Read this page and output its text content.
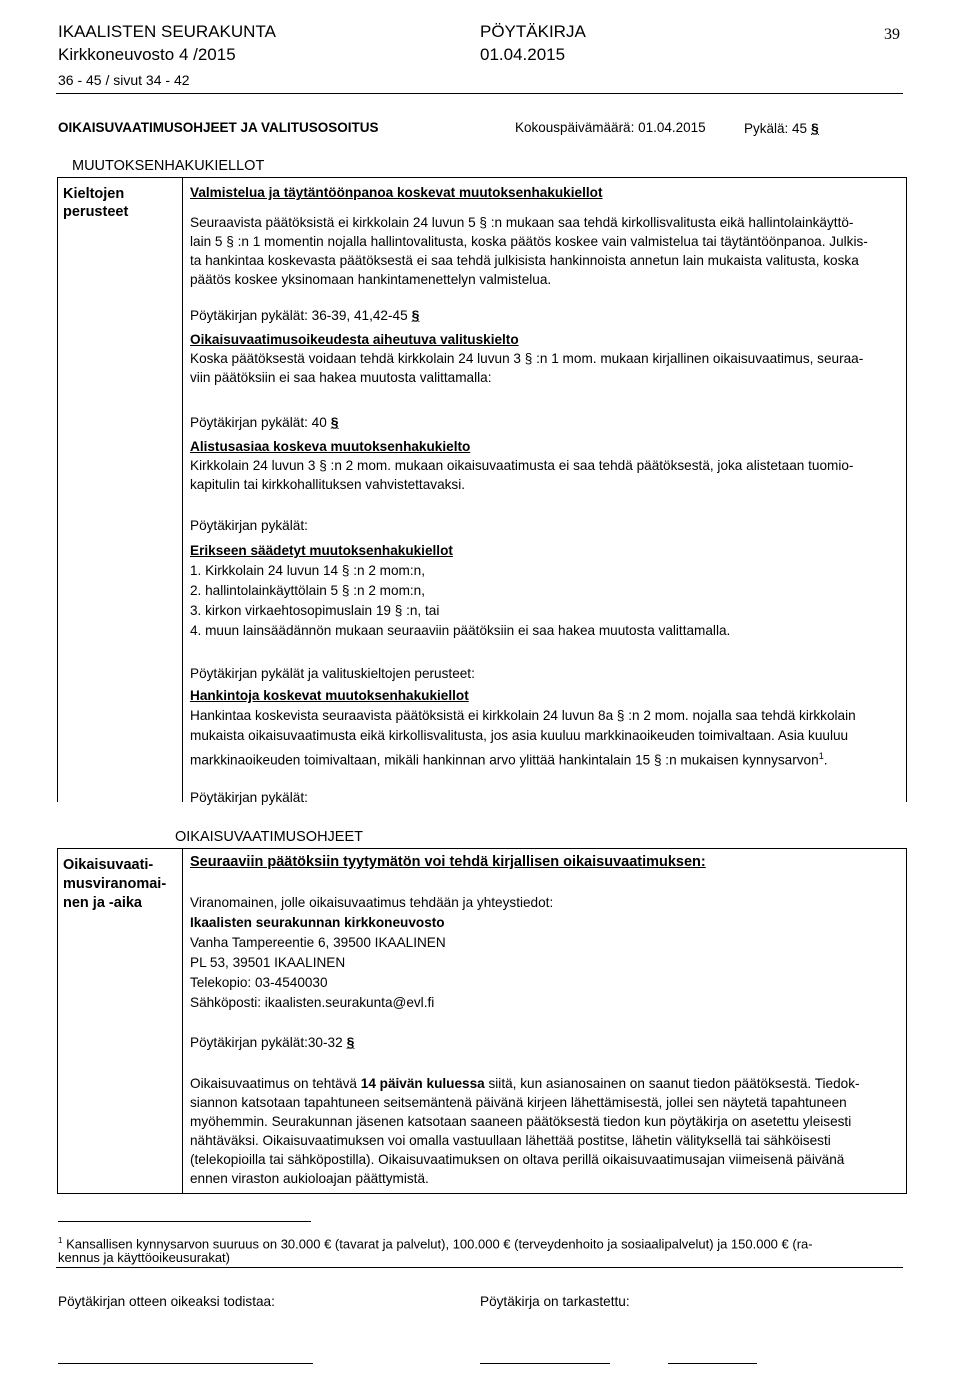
IKAALISTEN SEURAKUNTA	PÖYTÄKIRJA	39
Kirkkoneuvosto 4 /2015	01.04.2015
36 - 45 / sivut 34 - 42
OIKAISUVAATIMUSOHJEET JA VALITUSOSOITUS	Kokouspäivämäärä: 01.04.2015	Pykälä: 45 §
MUUTOKSENHAKUKIELLOT
Kieltojen
perusteet
Valmistelua ja täytäntöönpanoa koskevat muutoksenhakukiellot
Seuraavista päätöksistä ei kirkkolain 24 luvun 5 § :n mukaan saa tehdä kirkollisvalitusta eikä hallintolainkäyttö-
lain 5 § :n 1 momentin nojalla hallintovalitusta, koska päätös koskee vain valmistelua tai täytäntöönpanoa. Julkis-
ta hankintaa koskevasta päätöksestä ei saa tehdä julkisista hankinnoista annetun lain mukaista valitusta, koska
päätös koskee yksinomaan hankintamenettelyn valmistelua.
Pöytäkirjan pykälät: 36-39, 41,42-45 §
Oikaisuvaatimusoikeudesta aiheutuva valituskielto
Koska päätöksestä voidaan tehdä kirkkolain 24 luvun 3 § :n 1 mom. mukaan kirjallinen oikaisuvaatimus, seuraa-
viin päätöksiin ei saa hakea muutosta valittamalla:
Pöytäkirjan pykälät: 40 §
Alistusasiaa koskeva muutoksenhakukielto
Kirkkolain 24 luvun 3 § :n 2 mom. mukaan oikaisuvaatimusta ei saa tehdä päätöksestä, joka alistetaan tuomio-
kapitulin tai kirkkohallituksen vahvistettavaksi.
Pöytäkirjan pykälät:
Erikseen säädetyt muutoksenhakukiellot
1. Kirkkolain 24 luvun 14 § :n 2 mom:n,
2. hallintolainkäyttölain 5 § :n 2 mom:n,
3. kirkon virkaehtosopimuslain 19 § :n, tai
4. muun lainsäädännön mukaan seuraaviin päätöksiin ei saa hakea muutosta valittamalla.
Pöytäkirjan pykälät ja valituskieltojen perusteet:
Hankintoja koskevat muutoksenhakukiellot
Hankintaa koskevista seuraavista päätöksistä ei kirkkolain 24 luvun 8a § :n 2 mom. nojalla saa tehdä kirkkolain
mukaista oikaisuvaatimusta eikä kirkollisvalitusta, jos asia kuuluu markkinaoikeuden toimivaltaan. Asia kuuluu
markkinaoikeuden toimivaltaan, mikäli hankinnan arvo ylittää hankintalain 15 § :n mukaisen kynnysarvon$^1$.
Pöytäkirjan pykälät:
OIKAISUVAATIMUSOHJEET
Oikaisuvaati-
musviranomai-
nen ja -aika
Seuraaviin päätöksiin tyytymätön voi tehdä kirjallisen oikaisuvaatimuksen:
Viranomainen, jolle oikaisuvaatimus tehdään ja yhteystiedot:
Ikaalisten seurakunnan kirkkoneuvosto
Vanha Tampereentie 6, 39500 IKAALINEN
PL 53, 39501 IKAALINEN
Telekopio: 03-4540030
Sähköposti: ikaalisten.seurakunta@evl.fi
Pöytäkirjan pykälät:30-32 §
Oikaisuvaatimus on tehtävä 14 päivän kuluessa siitä, kun asianosainen on saanut tiedon päätöksestä. Tiedok-
siannon katsotaan tapahtuneen seitsemäntenä päivänä kirjeen lähettämisestä, jollei sen näytetä tapahtuneen
myöhemmin. Seurakunnan jäsenen katsotaan saaneen päätöksestä tiedon kun pöytäkirja on asetettu yleisesti
nähtäväksi. Oikaisuvaatimuksen voi omalla vastuullaan lähettää postitse, lähetin välityksellä tai sähköisesti
(telekopioilla tai sähköpostilla). Oikaisuvaatimuksen on oltava perillä oikaisuvaatimusajan viimeisenä päivänä
ennen viraston aukioloajan päättymistä.
$^1$ Kansallisen kynnysarvon suuruus on 30.000 € (tavarat ja palvelut), 100.000 € (terveydenhoito ja sosiaalipalvelut) ja 150.000 € (ra-
kennus ja käyttöoikeusurakat)
Pöytäkirjan otteen oikeaksi todistaa:	Pöytäkirja on tarkastettu:
